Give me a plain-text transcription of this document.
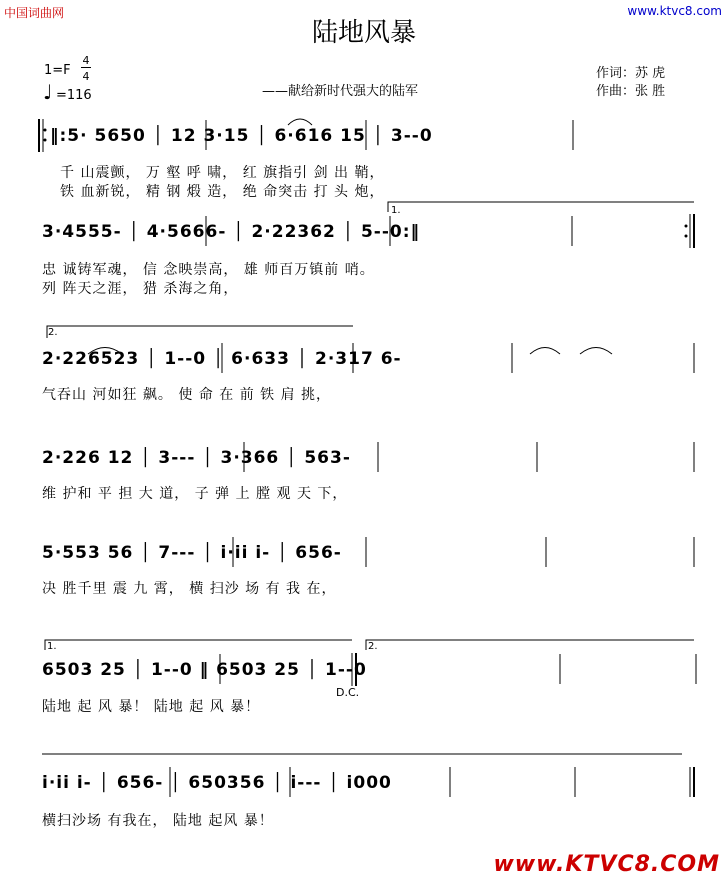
中国词曲网	www.ktvc8.com
陆地风暴
1=F
4
4
♩ =116	——献给新时代强大的陆军
作词：苏 虎
作曲：张 胜
‖:5· 5650 │ 12 3·15 │ 6·616 15 │ 3--0
千 山震颤， 万 壑 呼 啸， 红 旗指引 剑 出 鞘，
铁 血新锐， 精 钢 煅 造， 绝 命突击 打 头 炮，
1.
3·4555- │ 4·5666- │ 2·22362 │ 5--0:‖
忠 诚铸军魂， 信 念映崇高， 雄 师百万镇前 哨。
列 阵天之涯， 猎 杀海之角，
2.
2·226523 │ 1--0 │ 6·633 │ 2·317 6-
气吞山 河如狂 飙。 使 命 在 前 铁 肩 挑，
2·226 12 │ 3--- │ 3·366 │ 563-
维 护和 平 担 大 道， 子 弹 上 膛 观 天 下，
5·553 56 │ 7--- │ i·ii i- │ 656-
决 胜千里 震 九 霄， 横 扫沙 场 有 我 在，
1.	2.
6503 25 │ 1--0 ‖ 6503 25 │ 1--0
D.C.
陆地 起 风 暴！ 陆地 起 风 暴！
i·ii i- │ 656- │ 650356 │ i--- │ i000
横扫沙场 有我在， 陆地 起风 暴！
www.KTVC8.COM
